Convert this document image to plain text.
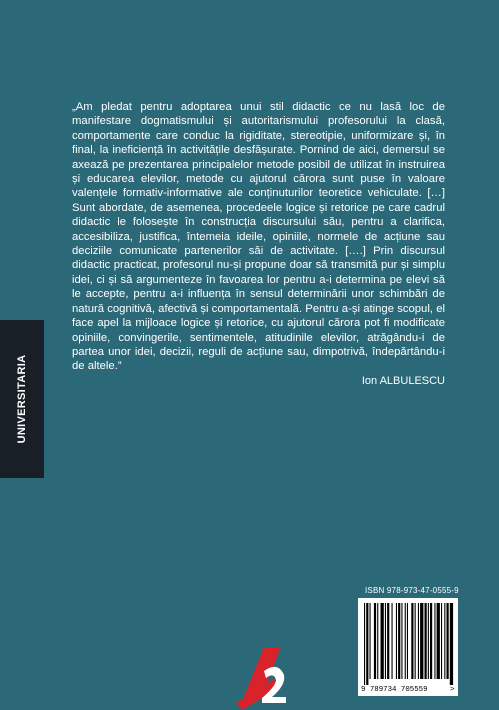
UNIVERSITARIA

„Am pledat pentru adoptarea unui stil didactic ce nu lasă loc de manifestare dogmatismului și autoritarismului profesorului la clasă, comportamente care conduc la rigiditate, stereotipie, uniformizare și, în final, la ineficiență în activitățile desfășurate. Pornind de aici, demersul se axează pe prezentarea principalelor metode posibil de utilizat în instruirea și educarea elevilor, metode cu ajutorul cărora sunt puse în valoare valențele formativ-informative ale conținuturilor teoretice vehiculate. […] Sunt abordate, de asemenea, procedeele logice și retorice pe care cadrul didactic le folosește în construcția discursului său, pentru a clarifica, accesibiliza, justifica, întemeia ideile, opiniile, normele de acțiune sau deciziile comunicate partenerilor săi de activitate. [….] Prin discursul didactic practicat, profesorul nu-și propune doar să transmită pur și simplu idei, ci și să argumenteze în favoarea lor pentru a-i determina pe elevi să le accepte, pentru a-i influența în sensul determinării unor schimbări de natură cognitivă, afectivă și comportamentală. Pentru a-și atinge scopul, el face apel la mijloace logice și retorice, cu ajutorul cărora pot fi modificate opiniile, convingerile, sentimentele, atitudinile elevilor, atrăgându-i de partea unor idei, decizii, reguli de acțiune sau, dimpotrivă, îndepărtându-i de altele.”

Ion ALBULESCU
ISBN 978-973-47-0555-9
9 789734 705559	>
